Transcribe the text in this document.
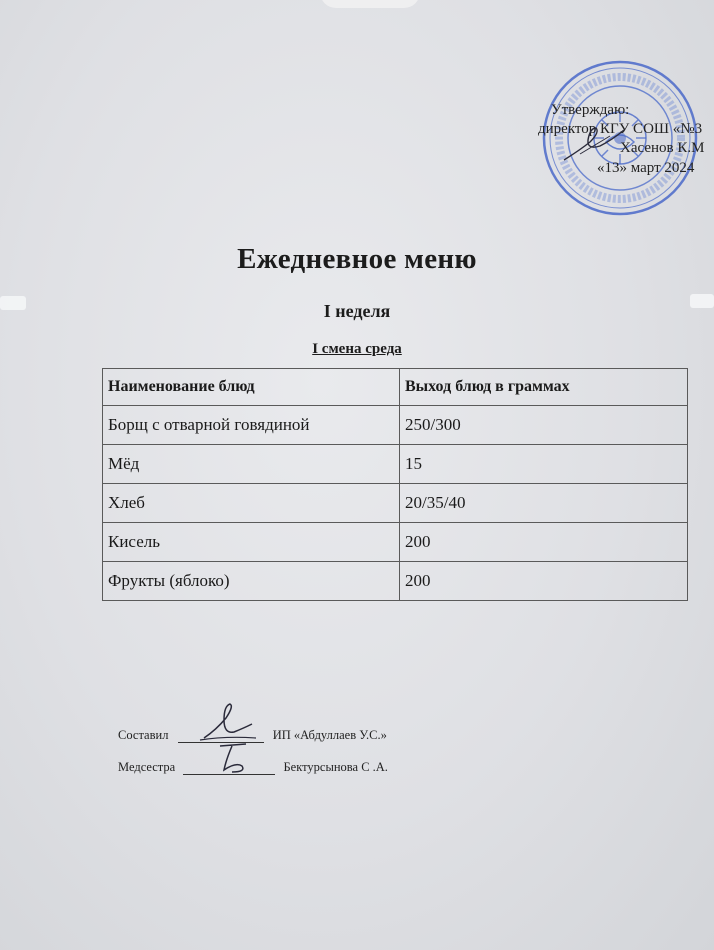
Утверждаю:
директор КГУ СОШ «№3
Хасенов К.М
«13» март 2024
Ежедневное меню
I неделя
I смена среда
Наименование блюд	Выход блюд в граммах
Борщ с отварной говядиной	250/300
Мёд	15
Хлеб	20/35/40
Кисель	200
Фрукты (яблоко)	200
Составил	ИП «Абдуллаев У.С.»
Медсестра	Бектурсынова С .А.
